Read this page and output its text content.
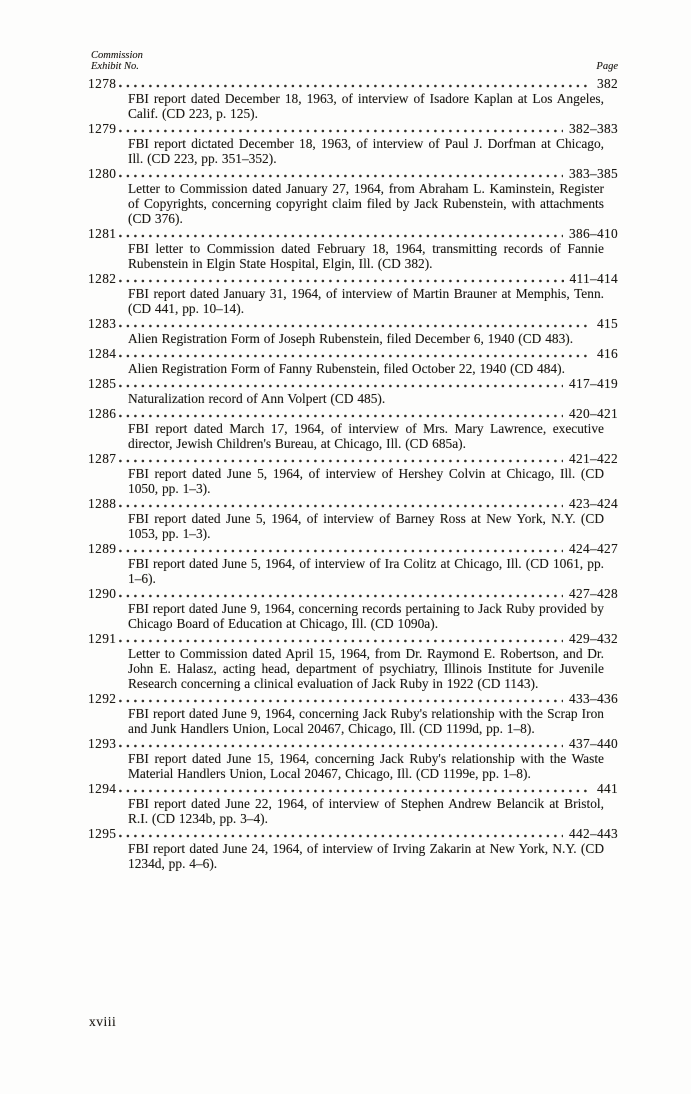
Commission
Exhibit No.	Page
1278	382

FBI report dated December 18, 1963, of interview of Isadore Kaplan at Los Angeles, Calif. (CD 223, p. 125).

1279	382–383

FBI report dictated December 18, 1963, of interview of Paul J. Dorfman at Chicago, Ill. (CD 223, pp. 351–352).

1280	383–385

Letter to Commission dated January 27, 1964, from Abraham L. Kaminstein, Register of Copyrights, concerning copyright claim filed by Jack Rubenstein, with attachments (CD 376).

1281	386–410

FBI letter to Commission dated February 18, 1964, transmitting records of Fannie Rubenstein in Elgin State Hospital, Elgin, Ill. (CD 382).

1282	411–414

FBI report dated January 31, 1964, of interview of Martin Brauner at Memphis, Tenn. (CD 441, pp. 10–14).

1283	415

Alien Registration Form of Joseph Rubenstein, filed December 6, 1940 (CD 483).

1284	416

Alien Registration Form of Fanny Rubenstein, filed October 22, 1940 (CD 484).

1285	417–419

Naturalization record of Ann Volpert (CD 485).

1286	420–421

FBI report dated March 17, 1964, of interview of Mrs. Mary Lawrence, executive director, Jewish Children's Bureau, at Chicago, Ill. (CD 685a).

1287	421–422

FBI report dated June 5, 1964, of interview of Hershey Colvin at Chicago, Ill. (CD 1050, pp. 1–3).

1288	423–424

FBI report dated June 5, 1964, of interview of Barney Ross at New York, N.Y. (CD 1053, pp. 1–3).

1289	424–427

FBI report dated June 5, 1964, of interview of Ira Colitz at Chicago, Ill. (CD 1061, pp. 1–6).

1290	427–428

FBI report dated June 9, 1964, concerning records pertaining to Jack Ruby provided by Chicago Board of Education at Chicago, Ill. (CD 1090a).

1291	429–432

Letter to Commission dated April 15, 1964, from Dr. Raymond E. Robertson, and Dr. John E. Halasz, acting head, department of psychiatry, Illinois Institute for Juvenile Research concerning a clinical evaluation of Jack Ruby in 1922 (CD 1143).

1292	433–436

FBI report dated June 9, 1964, concerning Jack Ruby's relationship with the Scrap Iron and Junk Handlers Union, Local 20467, Chicago, Ill. (CD 1199d, pp. 1–8).

1293	437–440

FBI report dated June 15, 1964, concerning Jack Ruby's relationship with the Waste Material Handlers Union, Local 20467, Chicago, Ill. (CD 1199e, pp. 1–8).

1294	441

FBI report dated June 22, 1964, of interview of Stephen Andrew Belancik at Bristol, R.I. (CD 1234b, pp. 3–4).

1295	442–443

FBI report dated June 24, 1964, of interview of Irving Zakarin at New York, N.Y. (CD 1234d, pp. 4–6).

xviii
